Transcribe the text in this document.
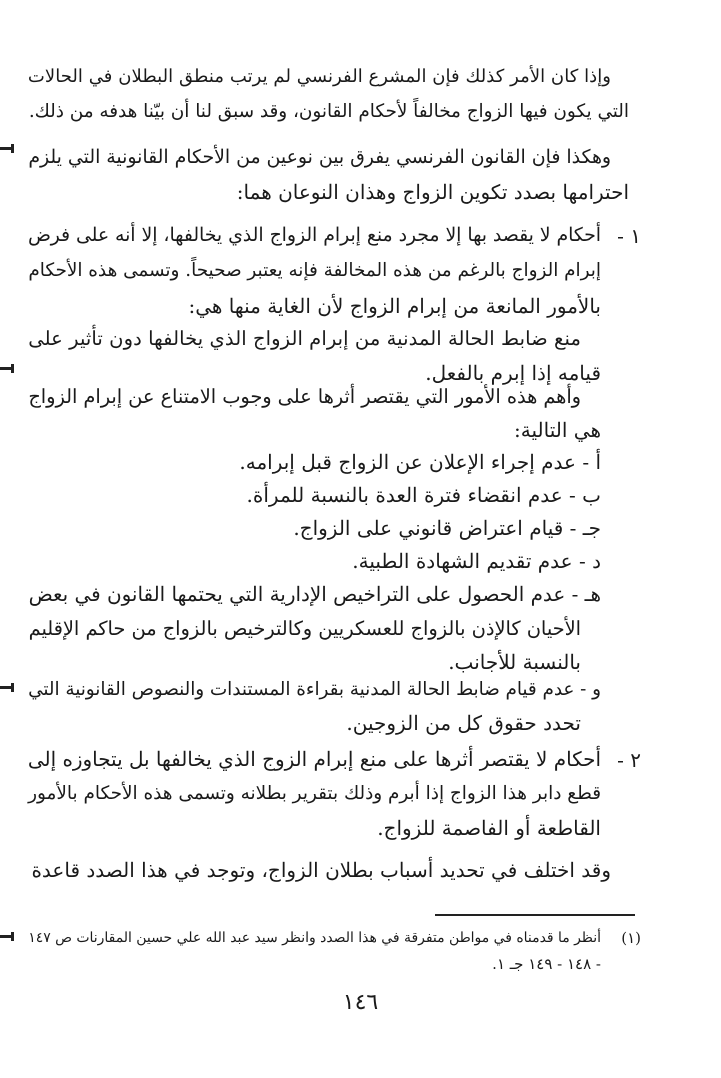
وإذا كان الأمر كذلك فإن المشرع الفرنسي لم يرتب منطق البطلان في الحالات
التي يكون فيها الزواج مخالفاً لأحكام القانون، وقد سبق لنا أن بيّنا هدفه من ذلك.
وهكذا فإن القانون الفرنسي يفرق بين نوعين من الأحكام القانونية التي يلزم
احترامها بصدد تكوين الزواج وهذان النوعان هما:
١ -
أحكام لا يقصد بها إلا مجرد منع إبرام الزواج الذي يخالفها، إلا أنه على فرض
إبرام الزواج بالرغم من هذه المخالفة فإنه يعتبر صحيحاً. وتسمى هذه الأحكام
بالأمور المانعة من إبرام الزواج لأن الغاية منها هي:
منع ضابط الحالة المدنية من إبرام الزواج الذي يخالفها دون تأثير على
قيامه إذا إبرم بالفعل.
وأهم هذه الأمور التي يقتصر أثرها على وجوب الامتناع عن إبرام الزواج
هي التالية:
أ - عدم إجراء الإعلان عن الزواج قبل إبرامه.
ب - عدم انقضاء فترة العدة بالنسبة للمرأة.
جـ - قيام اعتراض قانوني على الزواج.
د - عدم تقديم الشهادة الطبية.
هـ - عدم الحصول على التراخيص الإدارية التي يحتمها القانون في بعض
الأحيان كالإذن بالزواج للعسكريين وكالترخيص بالزواج من حاكم الإقليم
بالنسبة للأجانب.
و - عدم قيام ضابط الحالة المدنية بقراءة المستندات والنصوص القانونية التي
تحدد حقوق كل من الزوجين.
٢ -
أحكام لا يقتصر أثرها على منع إبرام الزوج الذي يخالفها بل يتجاوزه إلى
قطع دابر هذا الزواج إذا أبرم وذلك بتقرير بطلانه وتسمى هذه الأحكام بالأمور
القاطعة أو الفاصمة للزواج.
وقد اختلف في تحديد أسباب بطلان الزواج، وتوجد في هذا الصدد قاعدة
(١)
أنظر ما قدمناه في مواطن متفرقة في هذا الصدد وانظر سيد عبد الله علي حسين المقارنات ص ١٤٧
- ١٤٨ - ١٤٩ جـ ١.
١٤٦
